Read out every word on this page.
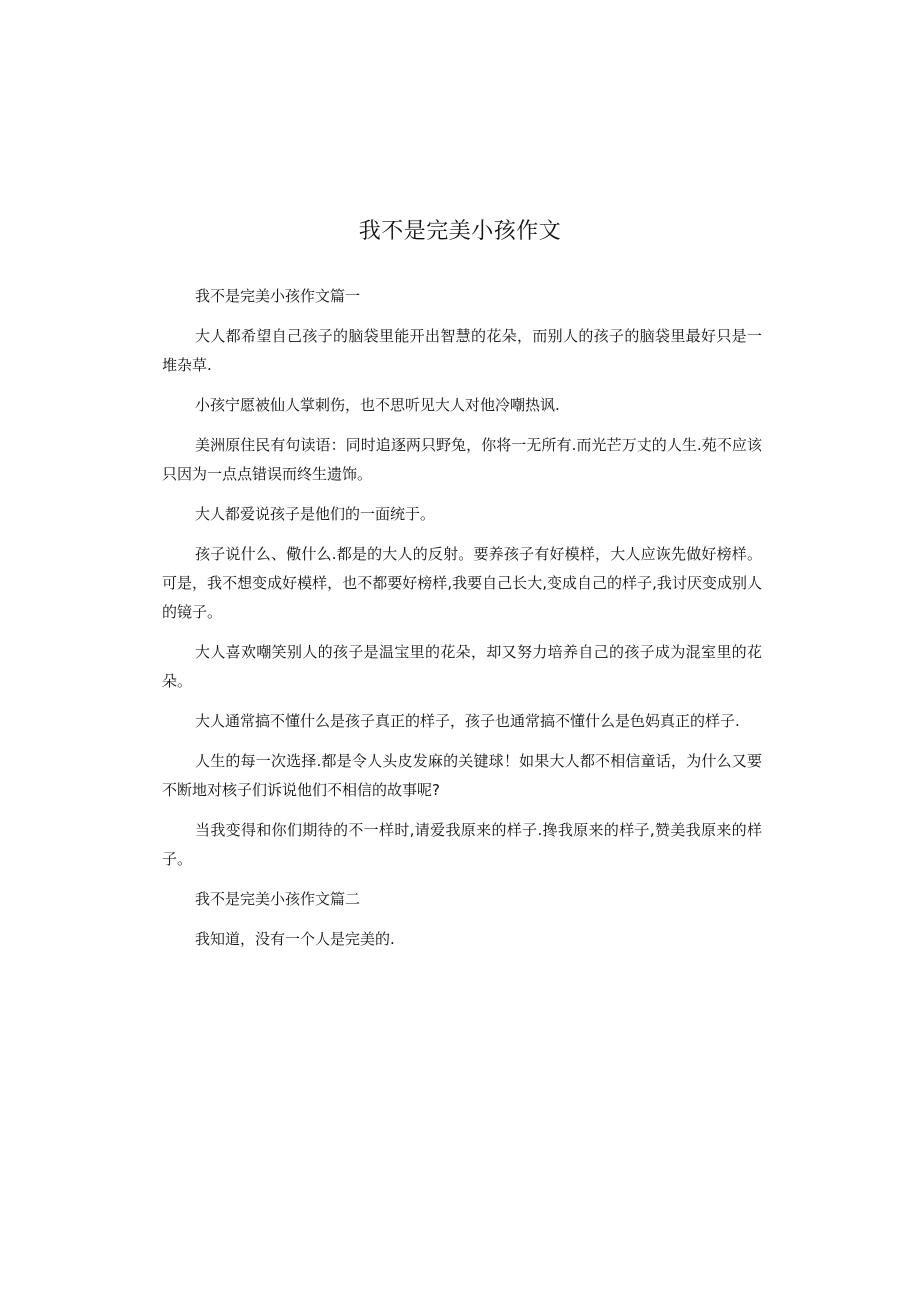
我不是完美小孩作文

我不是完美小孩作文篇一

大人都希望自己孩子的脑袋里能开出智慧的花朵，而别人的孩子的脑袋里最好只是一堆杂草.

小孩宁愿被仙人掌刺伤，也不思听见大人对他冷嘲热讽.

美洲原住民有句读语：同时追逐两只野兔，你将一无所有.而光芒万丈的人生.苑不应该只因为一点点错误而终生遗饰。

大人都爱说孩子是他们的一面统于。

孩子说什么、儆什么.都是的大人的反射。要养孩子有好模样，大人应诙先做好榜样。可是，我不想变成好模样，也不都要好榜样,我要自己长大,变成自己的样子,我讨厌变成别人的镜子。

大人喜欢嘲笑别人的孩子是温宝里的花朵，却又努力培养自己的孩子成为混室里的花朵。

大人通常搞不懂什么是孩子真正的样子，孩子也通常搞不懂什么是色妈真正的样子.

人生的每一次选择.都是令人头皮发麻的关键球！如果大人都不相信童话，为什么又要不断地对核子们诉说他们不相信的故事呢?

当我变得和你们期待的不一样时,请爱我原来的样子.搀我原来的样子,赞美我原来的样子。

我不是完美小孩作文篇二

我知道，没有一个人是完美的.
